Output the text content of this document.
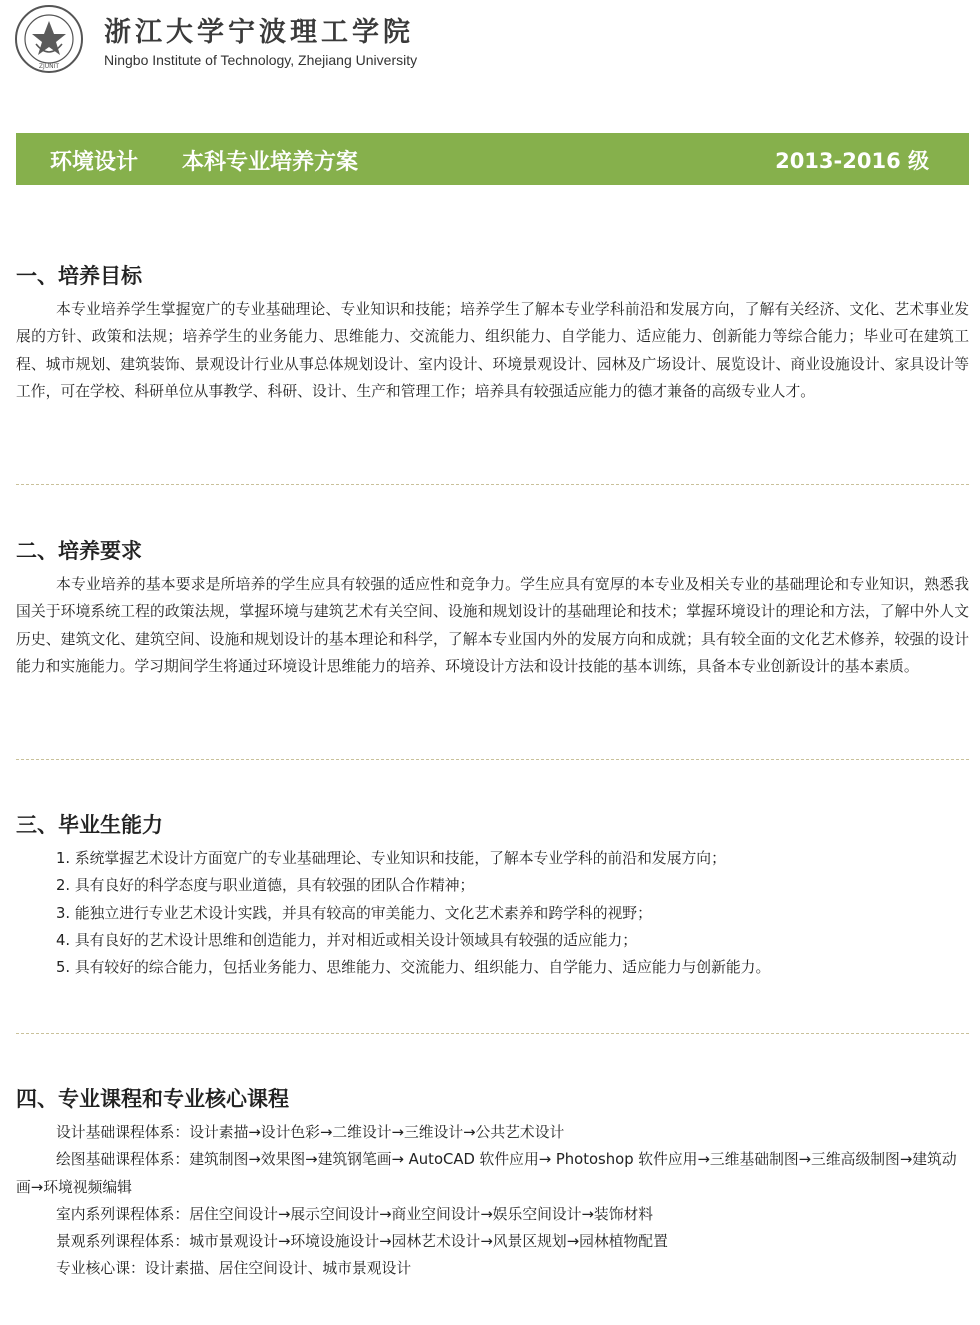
ZJUNIT
浙江大学宁波理工学院
Ningbo Institute of Technology, Zhejiang University
环境设计 本科专业培养方案	2013-2016 级
一、培养目标

本专业培养学生掌握宽广的专业基础理论、专业知识和技能；培养学生了解本专业学科前沿和发展方向，了解有关经济、文化、艺术事业发展的方针、政策和法规；培养学生的业务能力、思维能力、交流能力、组织能力、自学能力、适应能力、创新能力等综合能力；毕业可在建筑工程、城市规划、建筑装饰、景观设计行业从事总体规划设计、室内设计、环境景观设计、园林及广场设计、展览设计、商业设施设计、家具设计等工作，可在学校、科研单位从事教学、科研、设计、生产和管理工作；培养具有较强适应能力的德才兼备的高级专业人才。

二、培养要求

本专业培养的基本要求是所培养的学生应具有较强的适应性和竞争力。学生应具有宽厚的本专业及相关专业的基础理论和专业知识，熟悉我国关于环境系统工程的政策法规，掌握环境与建筑艺术有关空间、设施和规划设计的基础理论和技术；掌握环境设计的理论和方法，了解中外人文历史、建筑文化、建筑空间、设施和规划设计的基本理论和科学，了解本专业国内外的发展方向和成就；具有较全面的文化艺术修养，较强的设计能力和实施能力。学习期间学生将通过环境设计思维能力的培养、环境设计方法和设计技能的基本训练，具备本专业创新设计的基本素质。

三、毕业生能力
1. 系统掌握艺术设计方面宽广的专业基础理论、专业知识和技能，了解本专业学科的前沿和发展方向；
2. 具有良好的科学态度与职业道德，具有较强的团队合作精神；
3. 能独立进行专业艺术设计实践，并具有较高的审美能力、文化艺术素养和跨学科的视野；
4. 具有良好的艺术设计思维和创造能力，并对相近或相关设计领域具有较强的适应能力；
5. 具有较好的综合能力，包括业务能力、思维能力、交流能力、组织能力、自学能力、适应能力与创新能力。
四、专业课程和专业核心课程

设计基础课程体系：设计素描→设计色彩→二维设计→三维设计→公共艺术设计

绘图基础课程体系：建筑制图→效果图→建筑钢笔画→ AutoCAD 软件应用→ Photoshop 软件应用→三维基础制图→三维高级制图→建筑动画→环境视频编辑

室内系列课程体系：居住空间设计→展示空间设计→商业空间设计→娱乐空间设计→装饰材料

景观系列课程体系：城市景观设计→环境设施设计→园林艺术设计→风景区规划→园林植物配置

专业核心课：设计素描、居住空间设计、城市景观设计
